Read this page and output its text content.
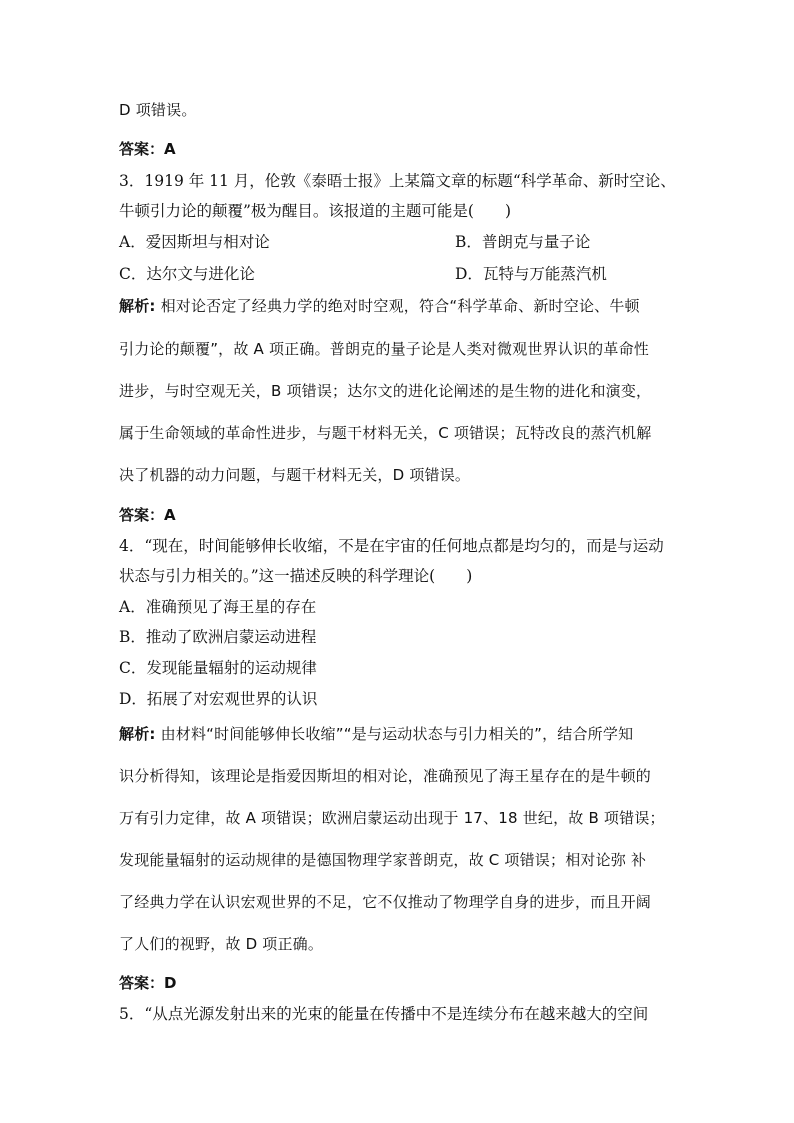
D 项错误。
答案：A
3．1919 年 11 月，伦敦《泰晤士报》上某篇文章的标题“科学革命、新时空论、
牛顿引力论的颠覆”极为醒目。该报道的主题可能是(　　)
A．爱因斯坦与相对论	B．普朗克与量子论
C．达尔文与进化论	D．瓦特与万能蒸汽机
解析: 相对论否定了经典力学的绝对时空观，符合“科学革命、新时空论、牛顿
引力论的颠覆”，故 A 项正确。普朗克的量子论是人类对微观世界认识的革命性
进步，与时空观无关，B 项错误；达尔文的进化论阐述的是生物的进化和演变，
属于生命领域的革命性进步，与题干材料无关，C 项错误；瓦特改良的蒸汽机解
决了机器的动力问题，与题干材料无关，D 项错误。
答案：A
4．“现在，时间能够伸长收缩，不是在宇宙的任何地点都是均匀的，而是与运动
状态与引力相关的。”这一描述反映的科学理论(　　)
A．准确预见了海王星的存在
B．推动了欧洲启蒙运动进程
C．发现能量辐射的运动规律
D．拓展了对宏观世界的认识
解析: 由材料“时间能够伸长收缩”“是与运动状态与引力相关的”，结合所学知
识分析得知，该理论是指爱因斯坦的相对论，准确预见了海王星存在的是牛顿的
万有引力定律，故 A 项错误；欧洲启蒙运动出现于 17、18 世纪，故 B 项错误；
发现能量辐射的运动规律的是德国物理学家普朗克，故 C 项错误；相对论弥 补
了经典力学在认识宏观世界的不足，它不仅推动了物理学自身的进步，而且开阔
了人们的视野，故 D 项正确。
答案：D
5．“从点光源发射出来的光束的能量在传播中不是连续分布在越来越大的空间
